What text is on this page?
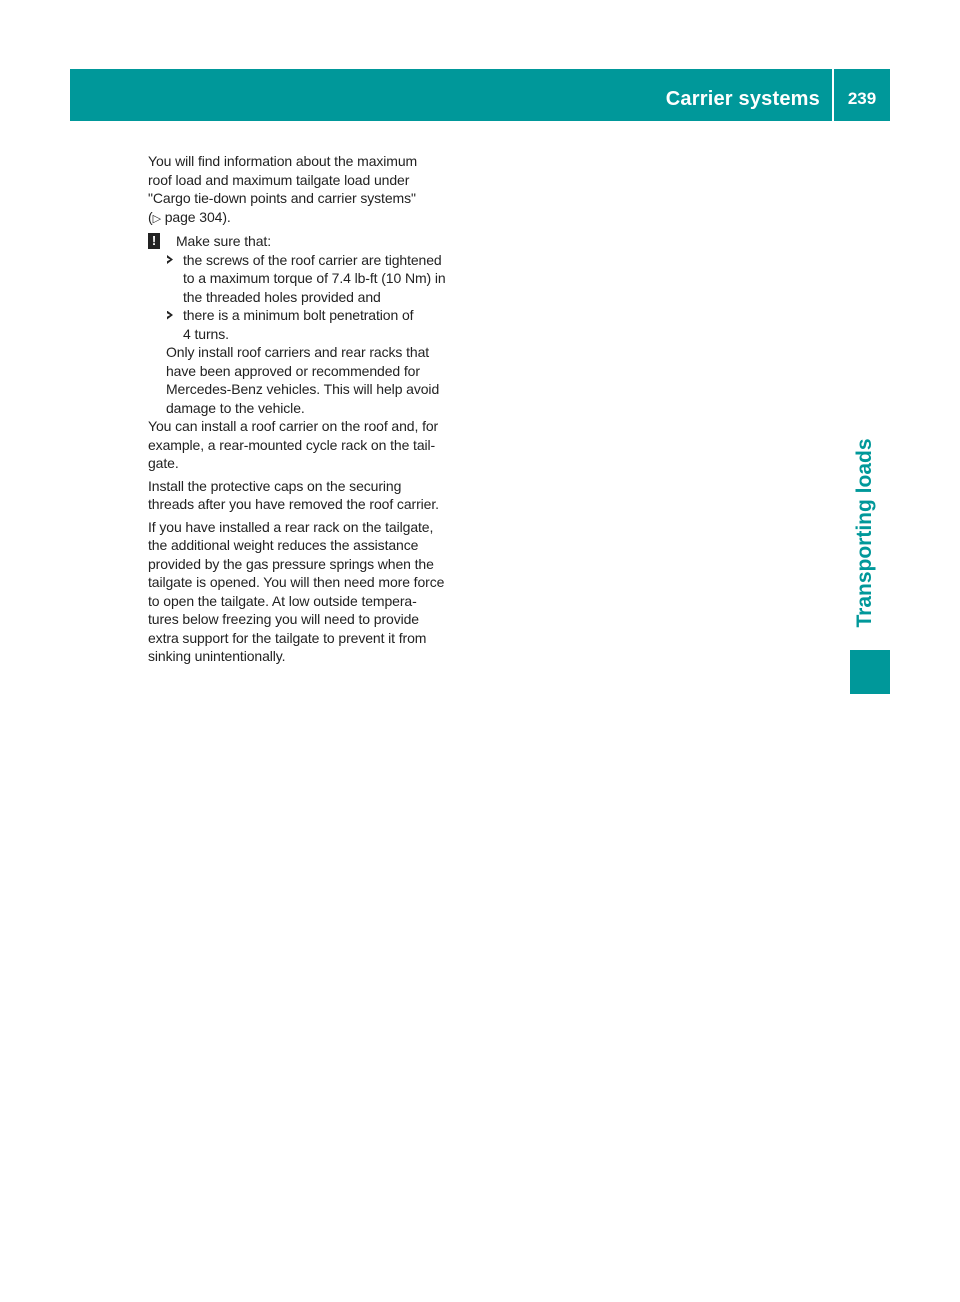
Carrier systems	239
Transporting loads

You will find information about the maximum
roof load and maximum tailgate load under
"Cargo tie-down points and carrier systems"
(▷ page 304).

! Make sure that:

the screws of the roof carrier are tightened
to a maximum torque of 7.4 lb-ft (10 Nm) in
the threaded holes provided and

there is a minimum bolt penetration of
4 turns.

Only install roof carriers and rear racks that
have been approved or recommended for
Mercedes-Benz vehicles. This will help avoid
damage to the vehicle.

You can install a roof carrier on the roof and, for
example, a rear-mounted cycle rack on the tail-
gate.

Install the protective caps on the securing
threads after you have removed the roof carrier.

If you have installed a rear rack on the tailgate,
the additional weight reduces the assistance
provided by the gas pressure springs when the
tailgate is opened. You will then need more force
to open the tailgate. At low outside tempera-
tures below freezing you will need to provide
extra support for the tailgate to prevent it from
sinking unintentionally.
